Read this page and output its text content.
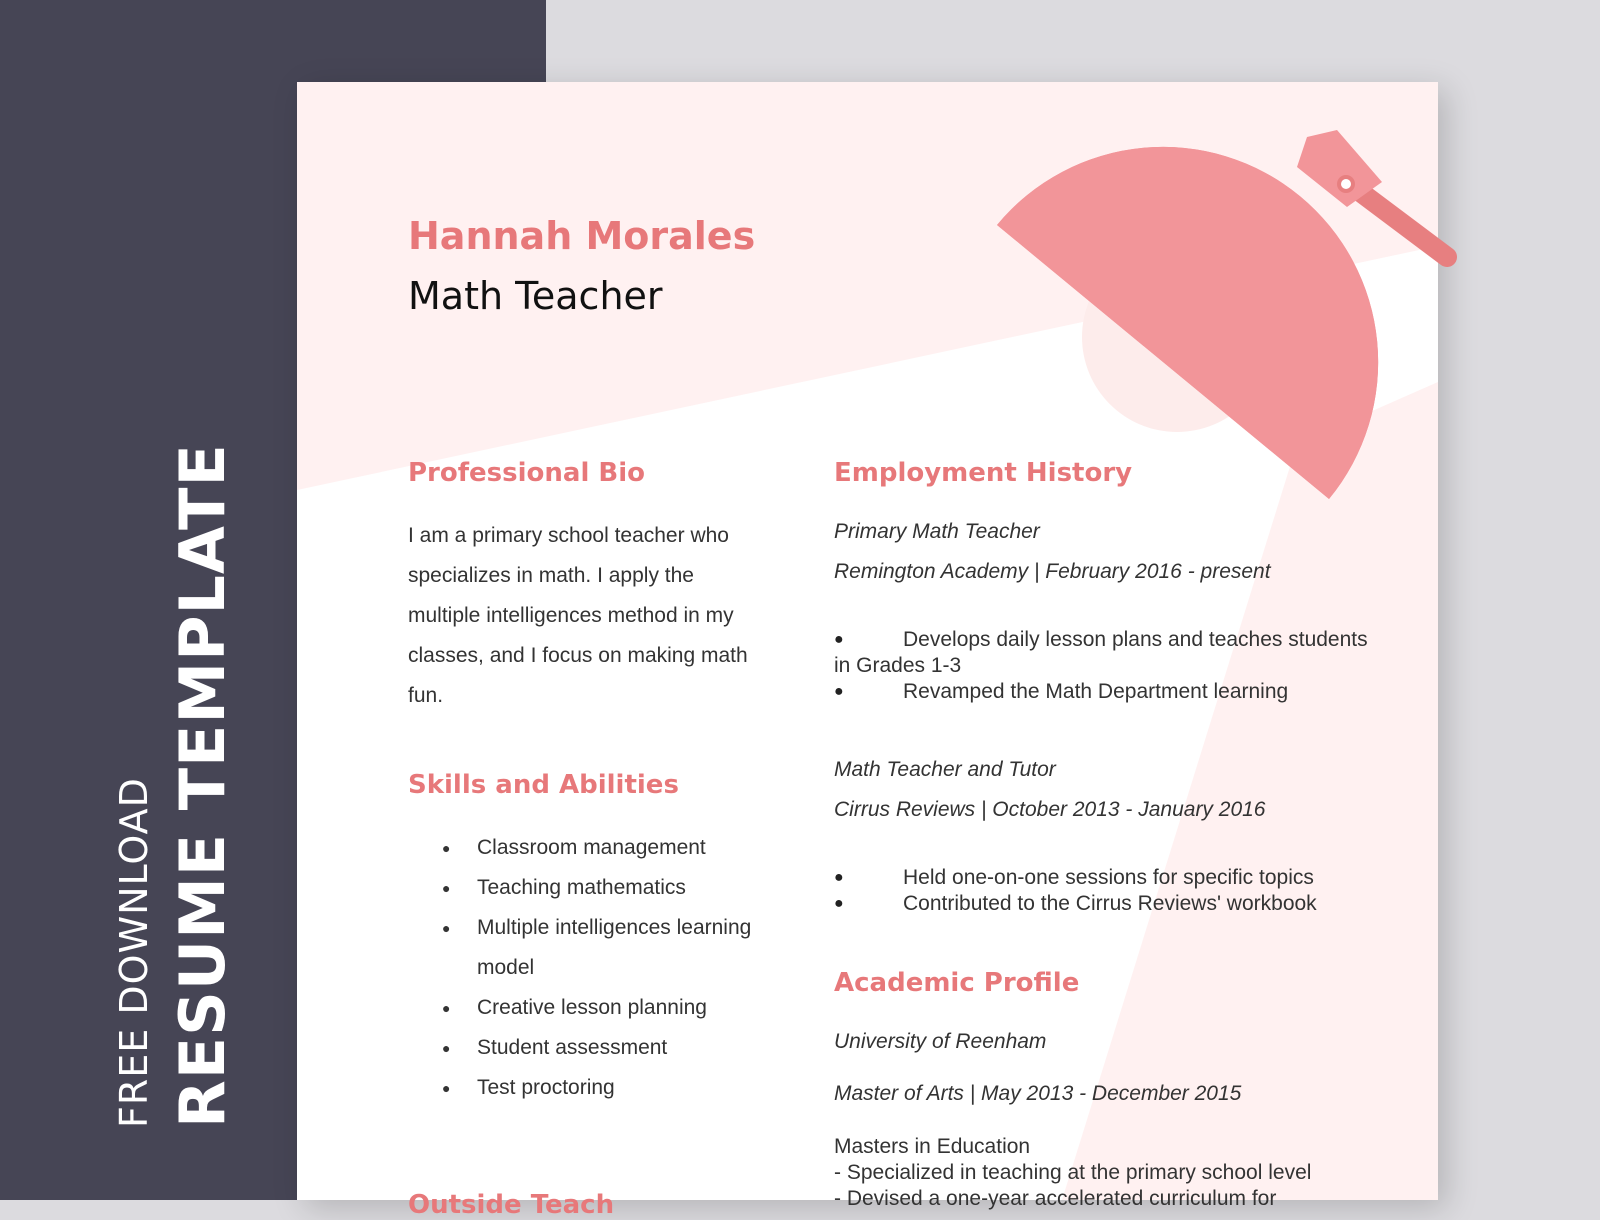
FREE DOWNLOAD RESUME TEMPLATE
Hannah Morales
Math Teacher
Professional Bio
I am a primary school teacher who specializes in math. I apply the multiple intelligences method in my classes, and I focus on making math fun.
Skills and Abilities
● Classroom management
● Teaching mathematics
● Multiple intelligences learning model
● Creative lesson planning
● Student assessment
● Test proctoring
Outside Teach
Employment History
Primary Math Teacher
Remington Academy | February 2016 - present
● Develops daily lesson plans and teaches students in Grades 1-3
● Revamped the Math Department learning
Math Teacher and Tutor
Cirrus Reviews | October 2013 - January 2016
● Held one-on-one sessions for specific topics
● Contributed to the Cirrus Reviews' workbook
Academic Profile
University of Reenham
Master of Arts | May 2013 - December 2015
Masters in Education
- Specialized in teaching at the primary school level
- Devised a one-year accelerated curriculum for
